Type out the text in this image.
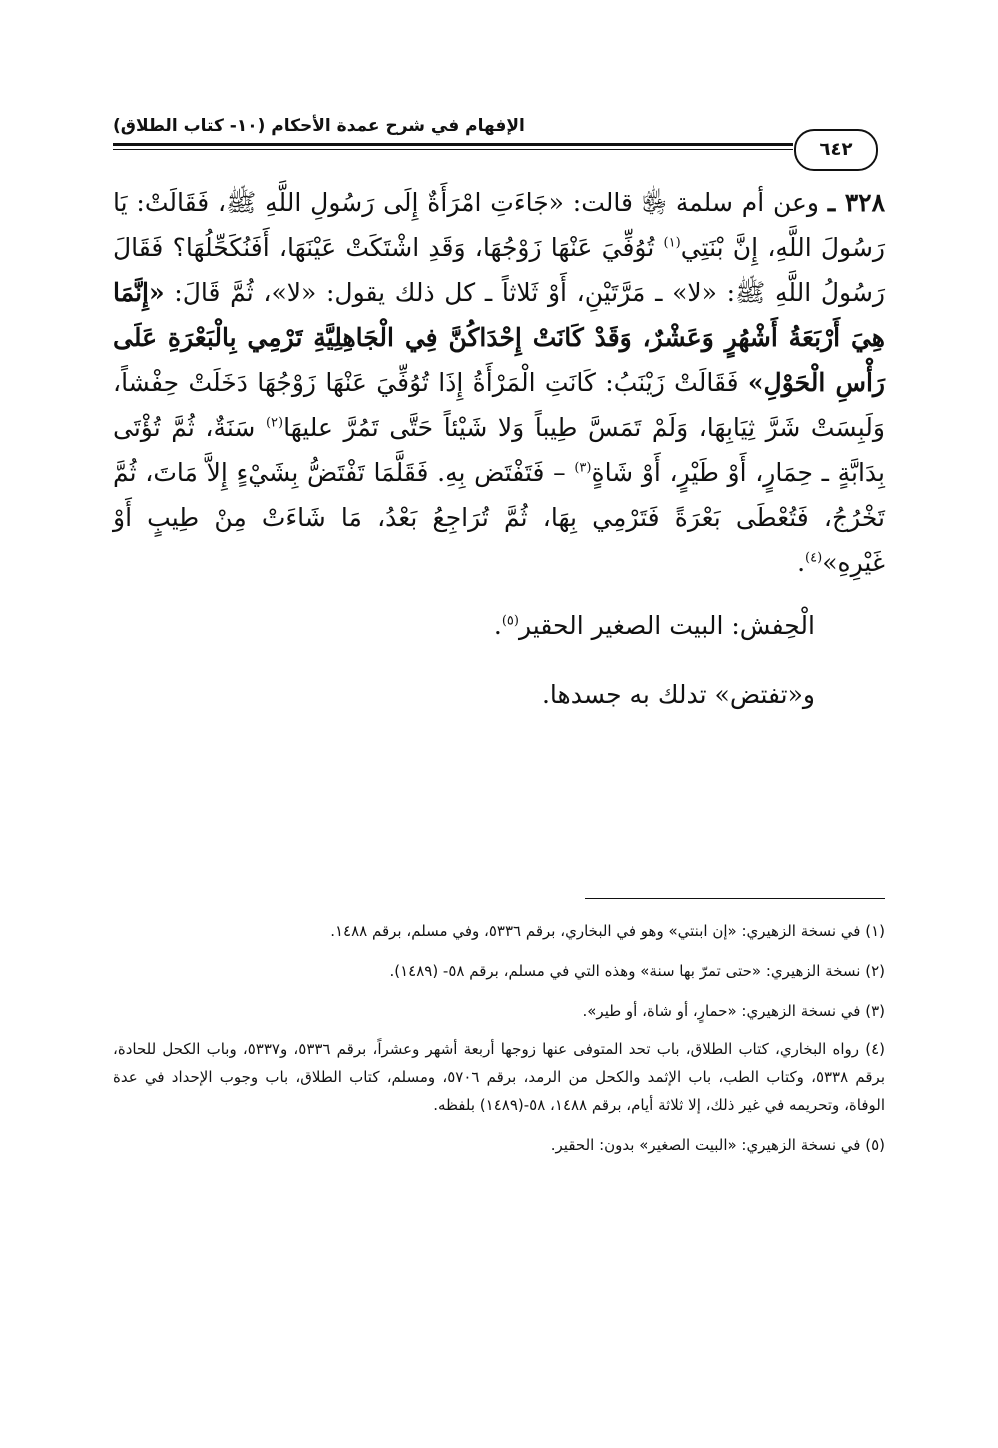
الإفهام في شرح عمدة الأحكام (١٠- كتاب الطلاق)
٦٤٢

٣٢٨ ـ وعن أم سلمة ﵂ قالت: «جَاءَتِ امْرَأَةٌ إِلَى رَسُولِ اللَّهِ ﷺ، فَقَالَتْ: يَا رَسُولَ اللَّهِ، إِنَّ بْنَتِي$^{(١)}$ تُوُفِّيَ عَنْهَا زَوْجُهَا، وَقَدِ اشْتَكَتْ عَيْنَهَا، أَفَنُكَحِّلُهَا؟ فَقَالَ رَسُولُ اللَّهِ ﷺ: «لا» ـ مَرَّتَيْنِ، أَوْ ثَلاثاً ـ كل ذلك يقول: «لا»، ثُمَّ قَالَ: «إِنَّمَا هِيَ أَرْبَعَةُ أَشْهُرٍ وَعَشْرٌ، وَقَدْ كَانَتْ إِحْدَاكُنَّ فِي الْجَاهِلِيَّةِ تَرْمِي بِالْبَعْرَةِ عَلَى رَأْسِ الْحَوْلِ» فَقَالَتْ زَيْنَبُ: كَانَتِ الْمَرْأَةُ إِذَا تُوُفِّيَ عَنْهَا زَوْجُهَا دَخَلَتْ حِفْشاً، وَلَبِسَتْ شَرَّ ثِيَابِهَا، وَلَمْ تَمَسَّ طِيباً وَلا شَيْئاً حَتَّى تَمُرَّ عليهَا$^{(٢)}$ سَنَةٌ، ثُمَّ تُؤْتَى بِدَابَّةٍ ـ حِمَارٍ، أَوْ طَيْرٍ، أَوْ شَاةٍ$^{(٣)}$ – فَتَفْتَض بِهِ. فَقَلَّمَا تَفْتَضُّ بِشَيْءٍ إِلاَّ مَاتَ، ثُمَّ تَخْرُجُ، فَتُعْطَى بَعْرَةً فَتَرْمِي بِهَا، ثُمَّ تُرَاجِعُ بَعْدُ، مَا شَاءَتْ مِنْ طِيبٍ أَوْ غَيْرِهِ»$^{(٤)}$.

الْحِفش: البيت الصغير الحقير$^{(٥)}$.

و«تفتض» تدلك به جسدها.

(١) في نسخة الزهيري: «إن ابنتي» وهو في البخاري، برقم ٥٣٣٦، وفي مسلم، برقم ١٤٨٨.

(٢) نسخة الزهيري: «حتى تمرّ بها سنة» وهذه التي في مسلم، برقم ٥٨- (١٤٨٩).

(٣) في نسخة الزهيري: «حمارٍ، أو شاة، أو طير».

(٤) رواه البخاري، كتاب الطلاق، باب تحد المتوفى عنها زوجها أربعة أشهر وعشراً، برقم ٥٣٣٦، و٥٣٣٧، وباب الكحل للحادة، برقم ٥٣٣٨، وكتاب الطب، باب الإثمد والكحل من الرمد، برقم ٥٧٠٦، ومسلم، كتاب الطلاق، باب وجوب الإحداد في عدة الوفاة، وتحريمه في غير ذلك، إلا ثلاثة أيام، برقم ١٤٨٨، ٥٨-(١٤٨٩) بلفظه.

(٥) في نسخة الزهيري: «البيت الصغير» بدون: الحقير.
